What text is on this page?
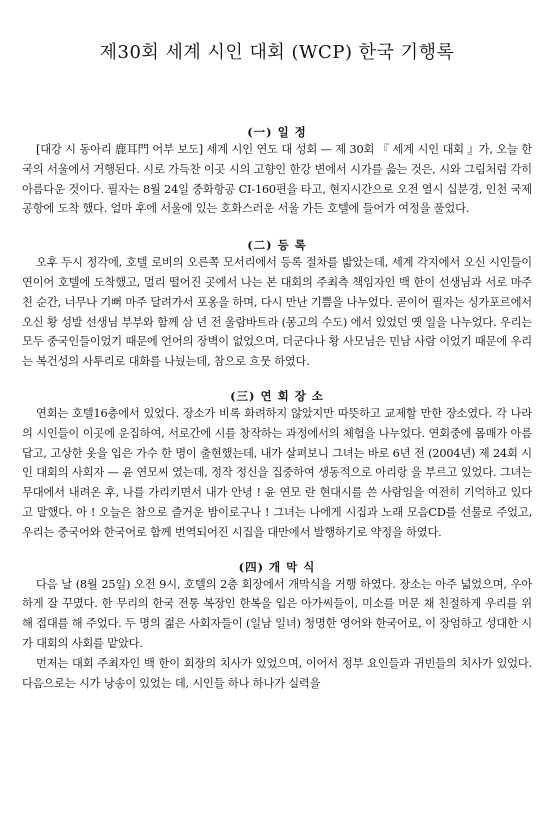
제30회 세계 시인 대회 (WCP) 한국 기행록
(一) 일 정

[대강 시 동아리 鹿耳門 어부 보도] 세계 시인 연도 대 성회 — 제 30회 『 세계 시인 대회 』가, 오늘 한국의 서울에서 거행된다. 시로 가득찬 이곳 시의 고향인 한강 변에서 시가를 읊는 것은, 시와 그림처럼 각히 아름다운 것이다. 필자는 8월 24일 중화항공 CI-160편을 타고, 현지시간으로 오전 열시 십분경, 인천 국제 공항에 도착 했다. 얼마 후에 서울에 있는 호화스러운 서울 가든 호텔에 들어가 여정을 풀었다.

(二) 등 록

오후 두시 정각에, 호텔 로비의 오른쪽 모서리에서 등록 절차를 밟았는데, 세계 각지에서 오신 시인들이 연이어 호텔에 도착했고, 멀리 떨어진 곳에서 나는 본 대회의 주최측 책임자인 백 한이 선생님과 서로 마주친 순간, 너무나 기뻐 마주 달려가서 포옹을 하며, 다시 만난 기쁨을 나누었다. 곧이어 필자는 싱가포르에서 오신 황 성발 선생님 부부와 함께 삼 년 전 울람바트라 (몽고의 수도) 에서 있었던 옛 일을 나누었다. 우리는 모두 중국인들이었기 때문에 언어의 장벽이 없었으며, 더군다나 황 사모님은 민남 사람 이었기 때문에 우리는 복건성의 사투리로 대화를 나눴는데, 참으로 흐뭇 하였다.

(三) 연 회 장 소

연회는 호텔16층에서 있었다. 장소가 비록 화려하지 않았지만 따뜻하고 교제할 만한 장소였다. 각 나라의 시인들이 이곳에 운집하여, 서로간에 시를 창작하는 과정에서의 체험을 나누었다. 연회중에 몸매가 아름답고, 고상한 옷을 입은 가수 한 명이 출현했는데, 내가 살펴보니 그녀는 바로 6년 전 (2004년) 제 24회 시인 대회의 사회자 — 윤 연모씨 였는데, 정작 정신을 집중하여 생동적으로 아리랑 을 부르고 있었다. 그녀는 무대에서 내려온 후, 나를 가리키면서 내가 안녕 ! 윤 연모 란 현대시를 쓴 사람임을 여전히 기억하고 있다고 말했다. 아 ! 오늘은 참으로 즐거운 밤이로구나 ! 그녀는 나에게 시집과 노래 모음CD를 선물로 주었고, 우리는 중국어와 한국어로 함께 번역되어진 시집을 대만에서 발행하기로 약정을 하였다.

(四) 개 막 식

다음 날 (8월 25일) 오전 9시, 호텔의 2층 회장에서 개막식을 거행 하였다. 장소는 아주 넓었으며, 우아하게 잘 꾸몄다. 한 무리의 한국 전통 복장인 한복을 입은 아가씨들이, 미소를 머문 채 친절하게 우리를 위해 접대를 해 주었다. 두 명의 젊은 사회자들이 (일남 일녀) 청명한 영어와 한국어로, 이 장엄하고 성대한 시가 대회의 사회를 맡았다.

먼저는 대회 주최자인 백 한이 회장의 치사가 있었으며, 이어서 정부 요인들과 귀빈들의 치사가 있었다. 다음으로는 시가 낭송이 있었는 데, 시인들 하나 하나가 실력을
